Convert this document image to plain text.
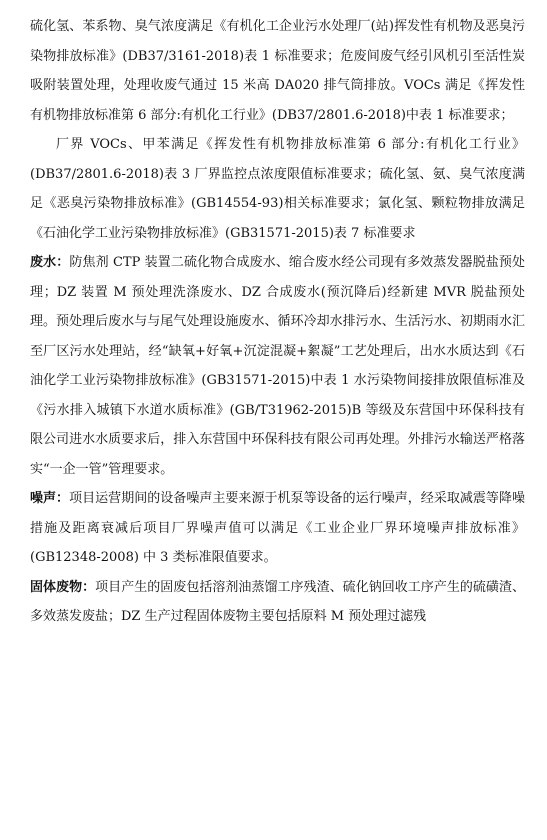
硫化氢、苯系物、臭气浓度满足《有机化工企业污水处理厂(站)挥发性有机物及恶臭污染物排放标准》(DB37/3161-2018)表 1 标准要求；危废间废气经引风机引至活性炭吸附装置处理，处理收废气通过 15 米高 DA020 排气筒排放。VOCs 满足《挥发性有机物排放标准第 6 部分:有机化工行业》(DB37/2801.6-2018)中表 1 标准要求；

厂界 VOCs、甲苯满足《挥发性有机物排放标准第 6 部分:有机化工行业》(DB37/2801.6-2018)表 3 厂界监控点浓度限值标准要求；硫化氢、氨、臭气浓度满足《恶臭污染物排放标准》(GB14554-93)相关标准要求；氯化氢、颗粒物排放满足《石油化学工业污染物排放标准》(GB31571-2015)表 7 标准要求

废水：防焦剂 CTP 装置二硫化物合成废水、缩合废水经公司现有多效蒸发器脱盐预处理；DZ 装置 M 预处理洗涤废水、DZ 合成废水(预沉降后)经新建 MVR 脱盐预处理。预处理后废水与与尾气处理设施废水、循环冷却水排污水、生活污水、初期雨水汇至厂区污水处理站，经“缺氧+好氧+沉淀混凝+絮凝”工艺处理后，出水水质达到《石油化学工业污染物排放标准》(GB31571-2015)中表 1 水污染物间接排放限值标准及《污水排入城镇下水道水质标准》(GB/T31962-2015)B 等级及东营国中环保科技有限公司进水水质要求后，排入东营国中环保科技有限公司再处理。外排污水输送严格落实“一企一管”管理要求。

噪声：项目运营期间的设备噪声主要来源于机泵等设备的运行噪声，经采取减震等降噪措施及距离衰减后项目厂界噪声值可以满足《工业企业厂界环境噪声排放标准》(GB12348-2008) 中 3 类标准限值要求。

固体废物：项目产生的固废包括溶剂油蒸馏工序残渣、硫化钠回收工序产生的硫磺渣、多效蒸发废盐；DZ 生产过程固体废物主要包括原料 M 预处理过滤残
